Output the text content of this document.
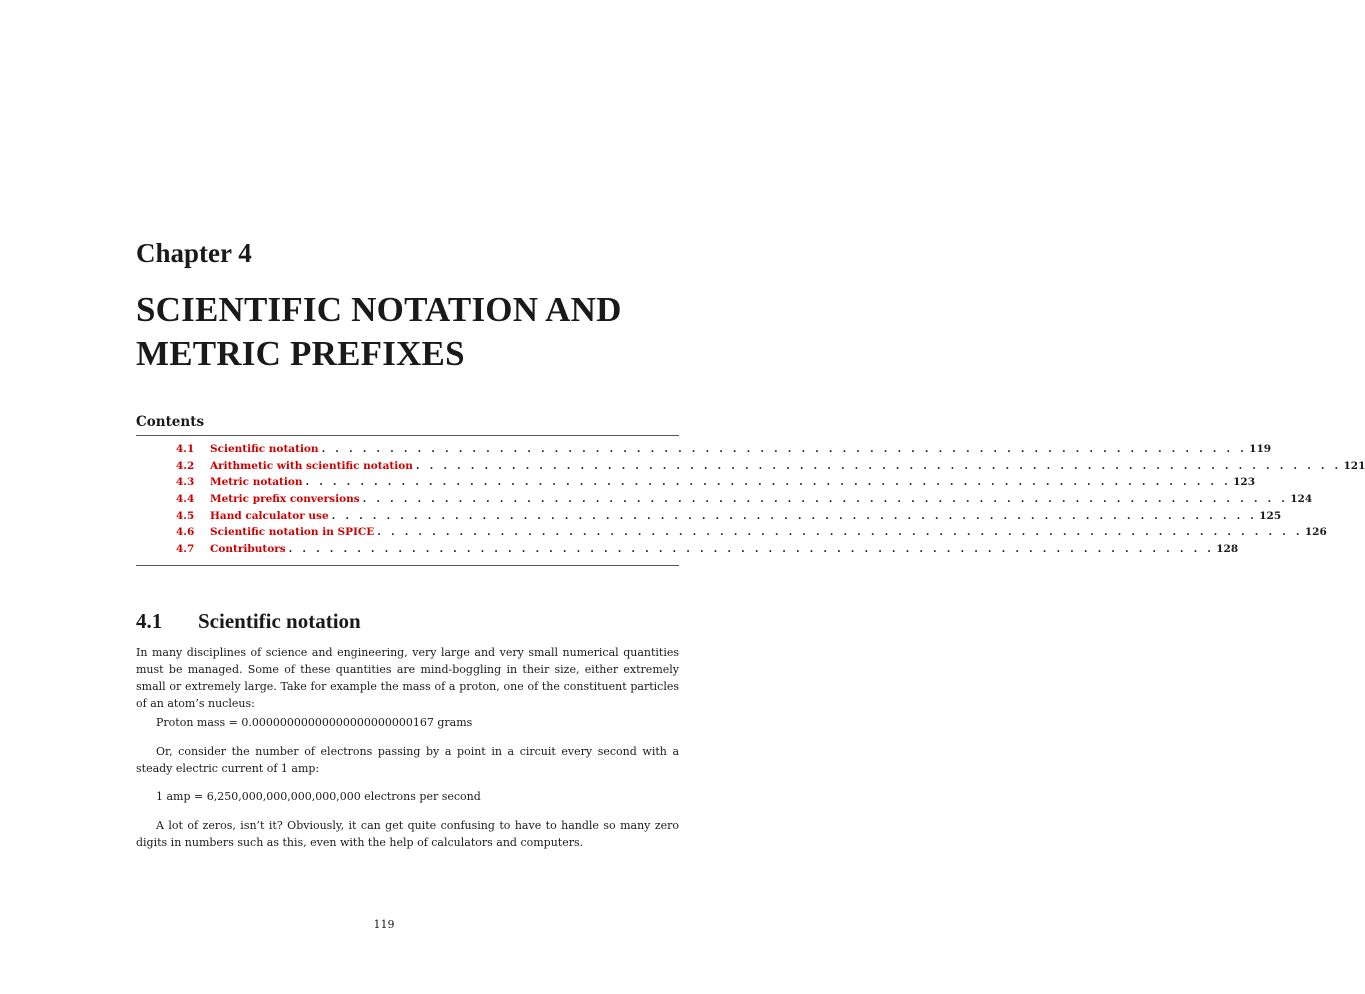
Chapter 4
SCIENTIFIC NOTATION AND METRIC PREFIXES
Contents
4.1	Scientific notation . . . . . . . . . . . . . . . . . . . . . . . . . . . . . . . . . . . . . . . . . . . . . . . . . . . . . . . . . . . . . . . . . . . . 119
4.2	Arithmetic with scientific notation . . . . . . . . . . . . . . . . . . . . . . . . . . . . . . . . . . . . . . . . . . . . . . . . . . . . . . . . . . . . . . . . . . . . 121
4.3	Metric notation . . . . . . . . . . . . . . . . . . . . . . . . . . . . . . . . . . . . . . . . . . . . . . . . . . . . . . . . . . . . . . . . . . . . 123
4.4	Metric prefix conversions . . . . . . . . . . . . . . . . . . . . . . . . . . . . . . . . . . . . . . . . . . . . . . . . . . . . . . . . . . . . . . . . . . . . 124
4.5	Hand calculator use . . . . . . . . . . . . . . . . . . . . . . . . . . . . . . . . . . . . . . . . . . . . . . . . . . . . . . . . . . . . . . . . . . . . 125
4.6	Scientific notation in SPICE . . . . . . . . . . . . . . . . . . . . . . . . . . . . . . . . . . . . . . . . . . . . . . . . . . . . . . . . . . . . . . . . . . . . 126
4.7	Contributors . . . . . . . . . . . . . . . . . . . . . . . . . . . . . . . . . . . . . . . . . . . . . . . . . . . . . . . . . . . . . . . . . . . . 128
4.1 Scientific notation

In many disciplines of science and engineering, very large and very small numerical quantities must be managed. Some of these quantities are mind-boggling in their size, either extremely small or extremely large. Take for example the mass of a proton, one of the constituent particles of an atom’s nucleus:

Proton mass = 0.00000000000000000000000167 grams

Or, consider the number of electrons passing by a point in a circuit every second with a steady electric current of 1 amp:

1 amp = 6,250,000,000,000,000,000 electrons per second

A lot of zeros, isn’t it? Obviously, it can get quite confusing to have to handle so many zero digits in numbers such as this, even with the help of calculators and computers.

119
